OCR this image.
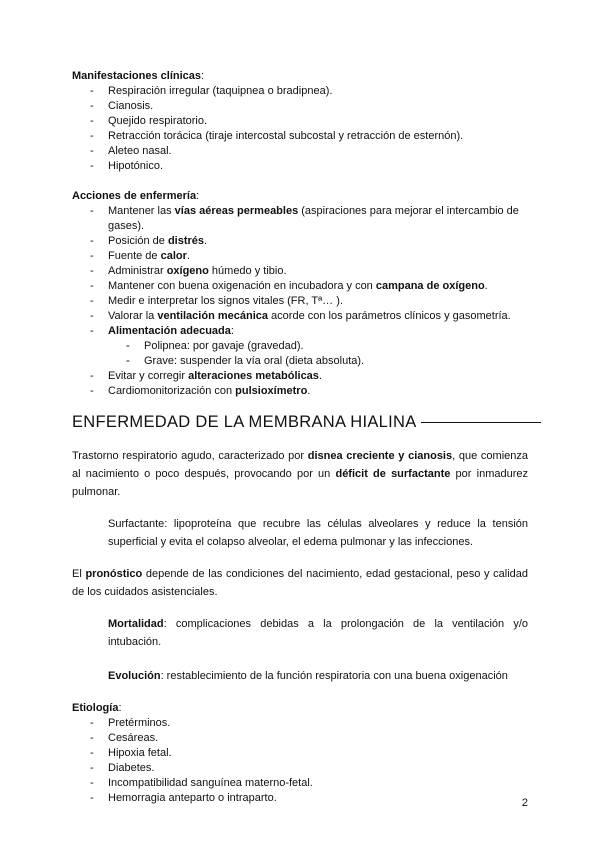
Manifestaciones clínicas:

- Respiración irregular (taquipnea o bradipnea).
- Cianosis.
- Quejido respiratorio.
- Retracción torácica (tiraje intercostal subcostal y retracción de esternón).
- Aleteo nasal.
- Hipotónico.

Acciones de enfermería:

- Mantener las vías aéreas permeables (aspiraciones para mejorar el intercambio de gases).
- Posición de distrés.
- Fuente de calor.
- Administrar oxígeno húmedo y tibio.
- Mantener con buena oxigenación en incubadora y con campana de oxígeno.
- Medir e interpretar los signos vitales (FR, Tª… ).
- Valorar la ventilación mecánica acorde con los parámetros clínicos y gasometría.
- Alimentación adecuada:
- - Polipnea: por gavaje (gravedad).
- - Grave: suspender la vía oral (dieta absoluta).
- Evitar y corregir alteraciones metabólicas.
- Cardiomonitorización con pulsioxímetro.
ENFERMEDAD DE LA MEMBRANA HIALINA

Trastorno respiratorio agudo, caracterizado por disnea creciente y cianosis, que comienza al nacimiento o poco después, provocando por un déficit de surfactante por inmadurez pulmonar.

Surfactante: lipoproteína que recubre las células alveolares y reduce la tensión superficial y evita el colapso alveolar, el edema pulmonar y las infecciones.

El pronóstico depende de las condiciones del nacimiento, edad gestacional, peso y calidad de los cuidados asistenciales.

Mortalidad: complicaciones debidas a la prolongación de la ventilación y/o intubación.

Evolución: restablecimiento de la función respiratoria con una buena oxigenación

Etiología:

- Pretérminos.
- Cesáreas.
- Hipoxia fetal.
- Diabetes.
- Incompatibilidad sanguínea materno-fetal.
- Hemorragia anteparto o intraparto.	2
